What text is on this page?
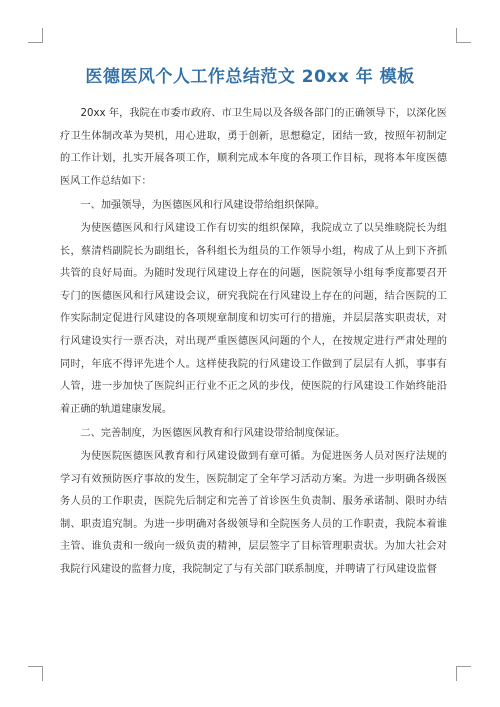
医德医风个人工作总结范文 20xx 年 模板

20xx 年，我院在市委市政府、市卫生局以及各级各部门的正确领导下，以深化医疗卫生体制改革为契机，用心进取，勇于创新，思想稳定，团结一致，按照年初制定的工作计划，扎实开展各项工作，顺利完成本年度的各项工作目标，现将本年度医德医风工作总结如下：

一、加强领导，为医德医风和行风建设带给组织保障。

为使医德医风和行风建设工作有切实的组织保障，我院成立了以吴维晓院长为组长，蔡清档副院长为副组长，各科组长为组员的工作领导小组，构成了从上到下齐抓共管的良好局面。为随时发现行风建设上存在的问题，医院领导小组每季度都要召开专门的医德医风和行风建设会议，研究我院在行风建设上存在的问题，结合医院的工作实际制定促进行风建设的各项规章制度和切实可行的措施，并层层落实职责状，对行风建设实行一票否决，对出现严重医德医风问题的个人，在按规定进行严肃处理的同时，年底不得评先进个人。这样使我院的行风建设工作做到了层层有人抓，事事有人管，进一步加快了医院纠正行业不正之风的步伐，使医院的行风建设工作始终能沿着正确的轨道建康发展。

二、完善制度，为医德医风教育和行风建设带给制度保证。

为使医院医德医风教育和行风建设做到有章可循。为促进医务人员对医疗法规的学习有效预防医疗事故的发生，医院制定了全年学习活动方案。为进一步明确各级医务人员的工作职责，医院先后制定和完善了首诊医生负责制、服务承诺制、限时办结制、职责追究制。为进一步明确对各级领导和全院医务人员的工作职责，我院本着谁主管、谁负责和一级向一级负责的精神，层层签字了目标管理职责状。为加大社会对我院行风建设的监督力度，我院制定了与有关部门联系制度，并聘请了行风建设监督
